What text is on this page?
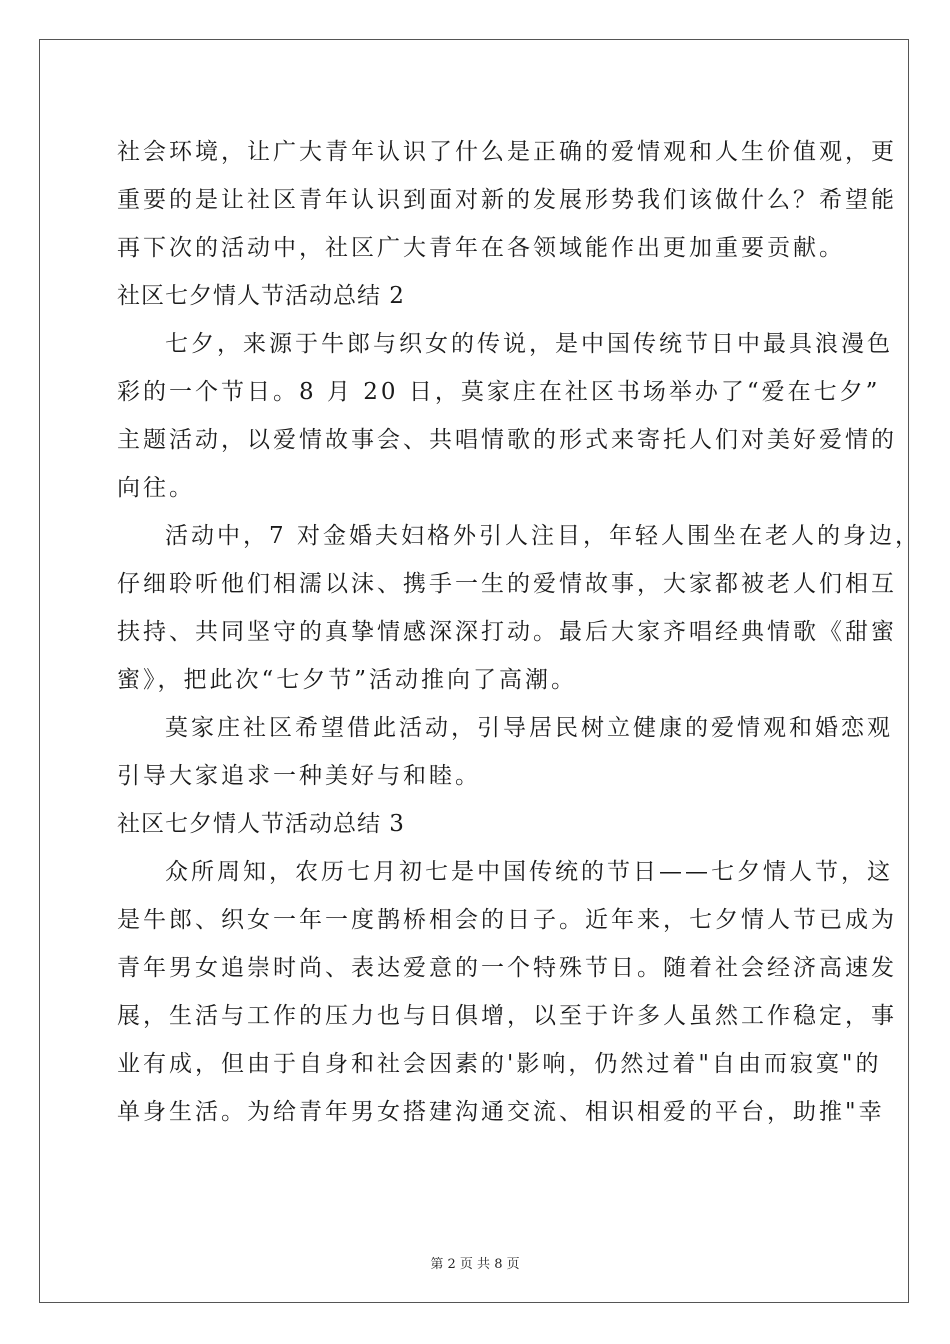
社会环境，让广大青年认识了什么是正确的爱情观和人生价值观，更
重要的是让社区青年认识到面对新的发展形势我们该做什么？希望能
再下次的活动中，社区广大青年在各领域能作出更加重要贡献。
社区七夕情人节活动总结 2
七夕，来源于牛郎与织女的传说，是中国传统节日中最具浪漫色
彩的一个节日。8 月 20 日，莫家庄在社区书场举办了“爱在七夕”
主题活动，以爱情故事会、共唱情歌的形式来寄托人们对美好爱情的
向往。
活动中，7 对金婚夫妇格外引人注目，年轻人围坐在老人的身边，
仔细聆听他们相濡以沫、携手一生的爱情故事，大家都被老人们相互
扶持、共同坚守的真挚情感深深打动。最后大家齐唱经典情歌《甜蜜
蜜》，把此次“七夕节”活动推向了高潮。
莫家庄社区希望借此活动，引导居民树立健康的爱情观和婚恋观
引导大家追求一种美好与和睦。
社区七夕情人节活动总结 3
众所周知，农历七月初七是中国传统的节日——七夕情人节，这
是牛郎、织女一年一度鹊桥相会的日子。近年来，七夕情人节已成为
青年男女追崇时尚、表达爱意的一个特殊节日。随着社会经济高速发
展，生活与工作的压力也与日俱增，以至于许多人虽然工作稳定，事
业有成，但由于自身和社会因素的'影响，仍然过着"自由而寂寞"的
单身生活。为给青年男女搭建沟通交流、相识相爱的平台，助推"幸
第 2 页 共 8 页
